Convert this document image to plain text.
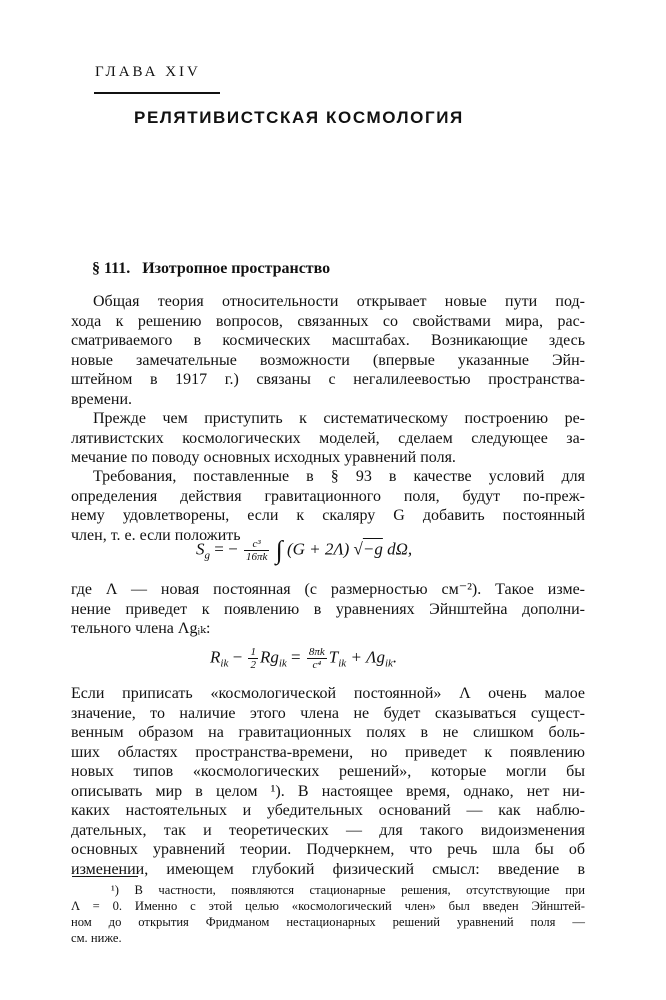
ГЛАВА XIV
РЕЛЯТИВИСТСКАЯ КОСМОЛОГИЯ
§ 111. Изотропное пространство
Общая теория относительности открывает новые пути под-
хода к решению вопросов, связанных со свойствами мира, рас-
сматриваемого в космических масштабах. Возникающие здесь
новые замечательные возможности (впервые указанные Эйн-
штейном в 1917 г.) связаны с негалилеевостью пространства-
времени.
Прежде чем приступить к систематическому построению ре-
лятивистских космологических моделей, сделаем следующее за-
мечание по поводу основных исходных уравнений поля.
Требования, поставленные в § 93 в качестве условий для
определения действия гравитационного поля, будут по-преж-
нему удовлетворены, если к скаляру G добавить постоянный
член, т. е. если положить
$S_g$ = − $\frac{\text{c³}}{16\pi k}$ ∫ (G + 2Λ) √−g dΩ,
где Λ — новая постоянная (с размерностью см⁻²). Такое изме-
нение приведет к появлению в уравнениях Эйнштейна дополни-
тельного члена Λgᵢₖ:
$R_{ik} - \frac{1}{2} Rg_{ik} = \frac{8\pi k}{\text{c⁴}} T_{ik} + \Lambda g_{ik}$.
Если приписать «космологической постоянной» Λ очень малое
значение, то наличие этого члена не будет сказываться сущест-
венным образом на гравитационных полях в не слишком боль-
ших областях пространства-времени, но приведет к появлению
новых типов «космологических решений», которые могли бы
описывать мир в целом ¹). В настоящее время, однако, нет ни-
каких настоятельных и убедительных оснований — как наблю-
дательных, так и теоретических — для такого видоизменения
основных уравнений теории. Подчеркнем, что речь шла бы об
изменении, имеющем глубокий физический смысл: введение в
¹) В частности, появляются стационарные решения, отсутствующие при
Λ = 0. Именно с этой целью «космологический член» был введен Эйнштей-
ном до открытия Фридманом нестационарных решений уравнений поля —
см. ниже.
